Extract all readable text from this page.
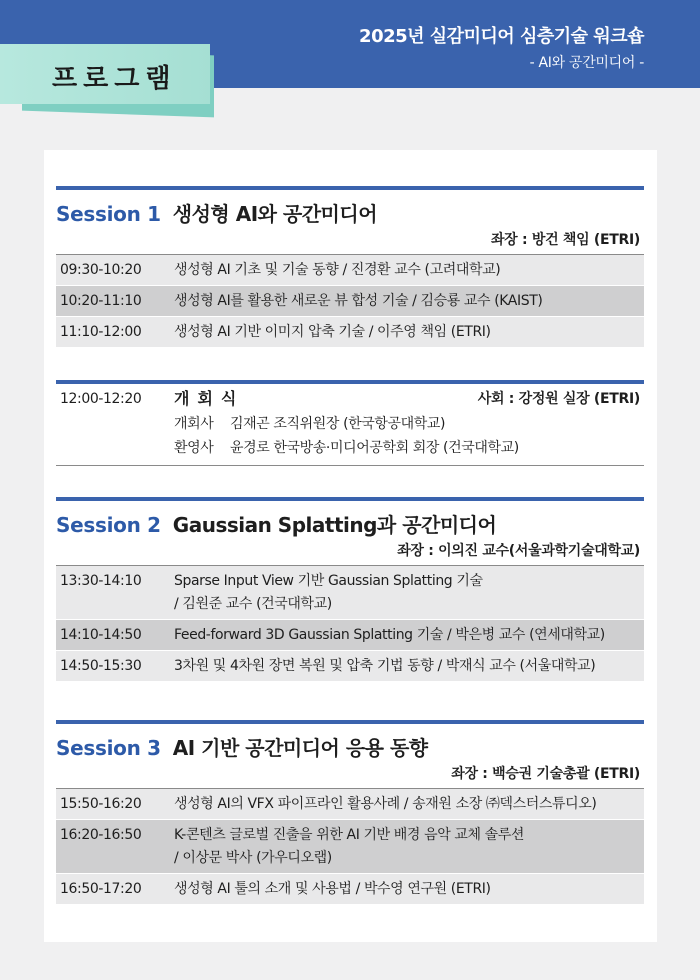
2025년 실감미디어 심층기술 워크숍
- AI와 공간미디어 -
프로그램
Session 1 생성형 AI와 공간미디어
좌장 : 방건 책임 (ETRI)
09:30-10:20	생성형 AI 기초 및 기술 동향 / 진경환 교수 (고려대학교)
10:20-11:10	생성형 AI를 활용한 새로운 뷰 합성 기술 / 김승룡 교수 (KAIST)
11:10-12:00	생성형 AI 기반 이미지 압축 기술 / 이주영 책임 (ETRI)
12:00-12:20	개회식	사회 : 강정원 실장 (ETRI)
개회사	김재곤 조직위원장 (한국항공대학교)
환영사	윤경로 한국방송·미디어공학회 회장 (건국대학교)
Session 2 Gaussian Splatting과 공간미디어
좌장 : 이의진 교수(서울과학기술대학교)
13:30-14:10	Sparse Input View 기반 Gaussian Splatting 기술
/ 김원준 교수 (건국대학교)
14:10-14:50	Feed-forward 3D Gaussian Splatting 기술 / 박은병 교수 (연세대학교)
14:50-15:30	3차원 및 4차원 장면 복원 및 압축 기법 동향 / 박재식 교수 (서울대학교)
Session 3 AI 기반 공간미디어 응용 동향
좌장 : 백승권 기술총괄 (ETRI)
15:50-16:20	생성형 AI의 VFX 파이프라인 활용사례 / 송재원 소장 ㈜덱스터스튜디오)
16:20-16:50	K-콘텐츠 글로벌 진출을 위한 AI 기반 배경 음악 교체 솔루션
/ 이상문 박사 (가우디오랩)
16:50-17:20	생성형 AI 툴의 소개 및 사용법 / 박수영 연구원 (ETRI)
